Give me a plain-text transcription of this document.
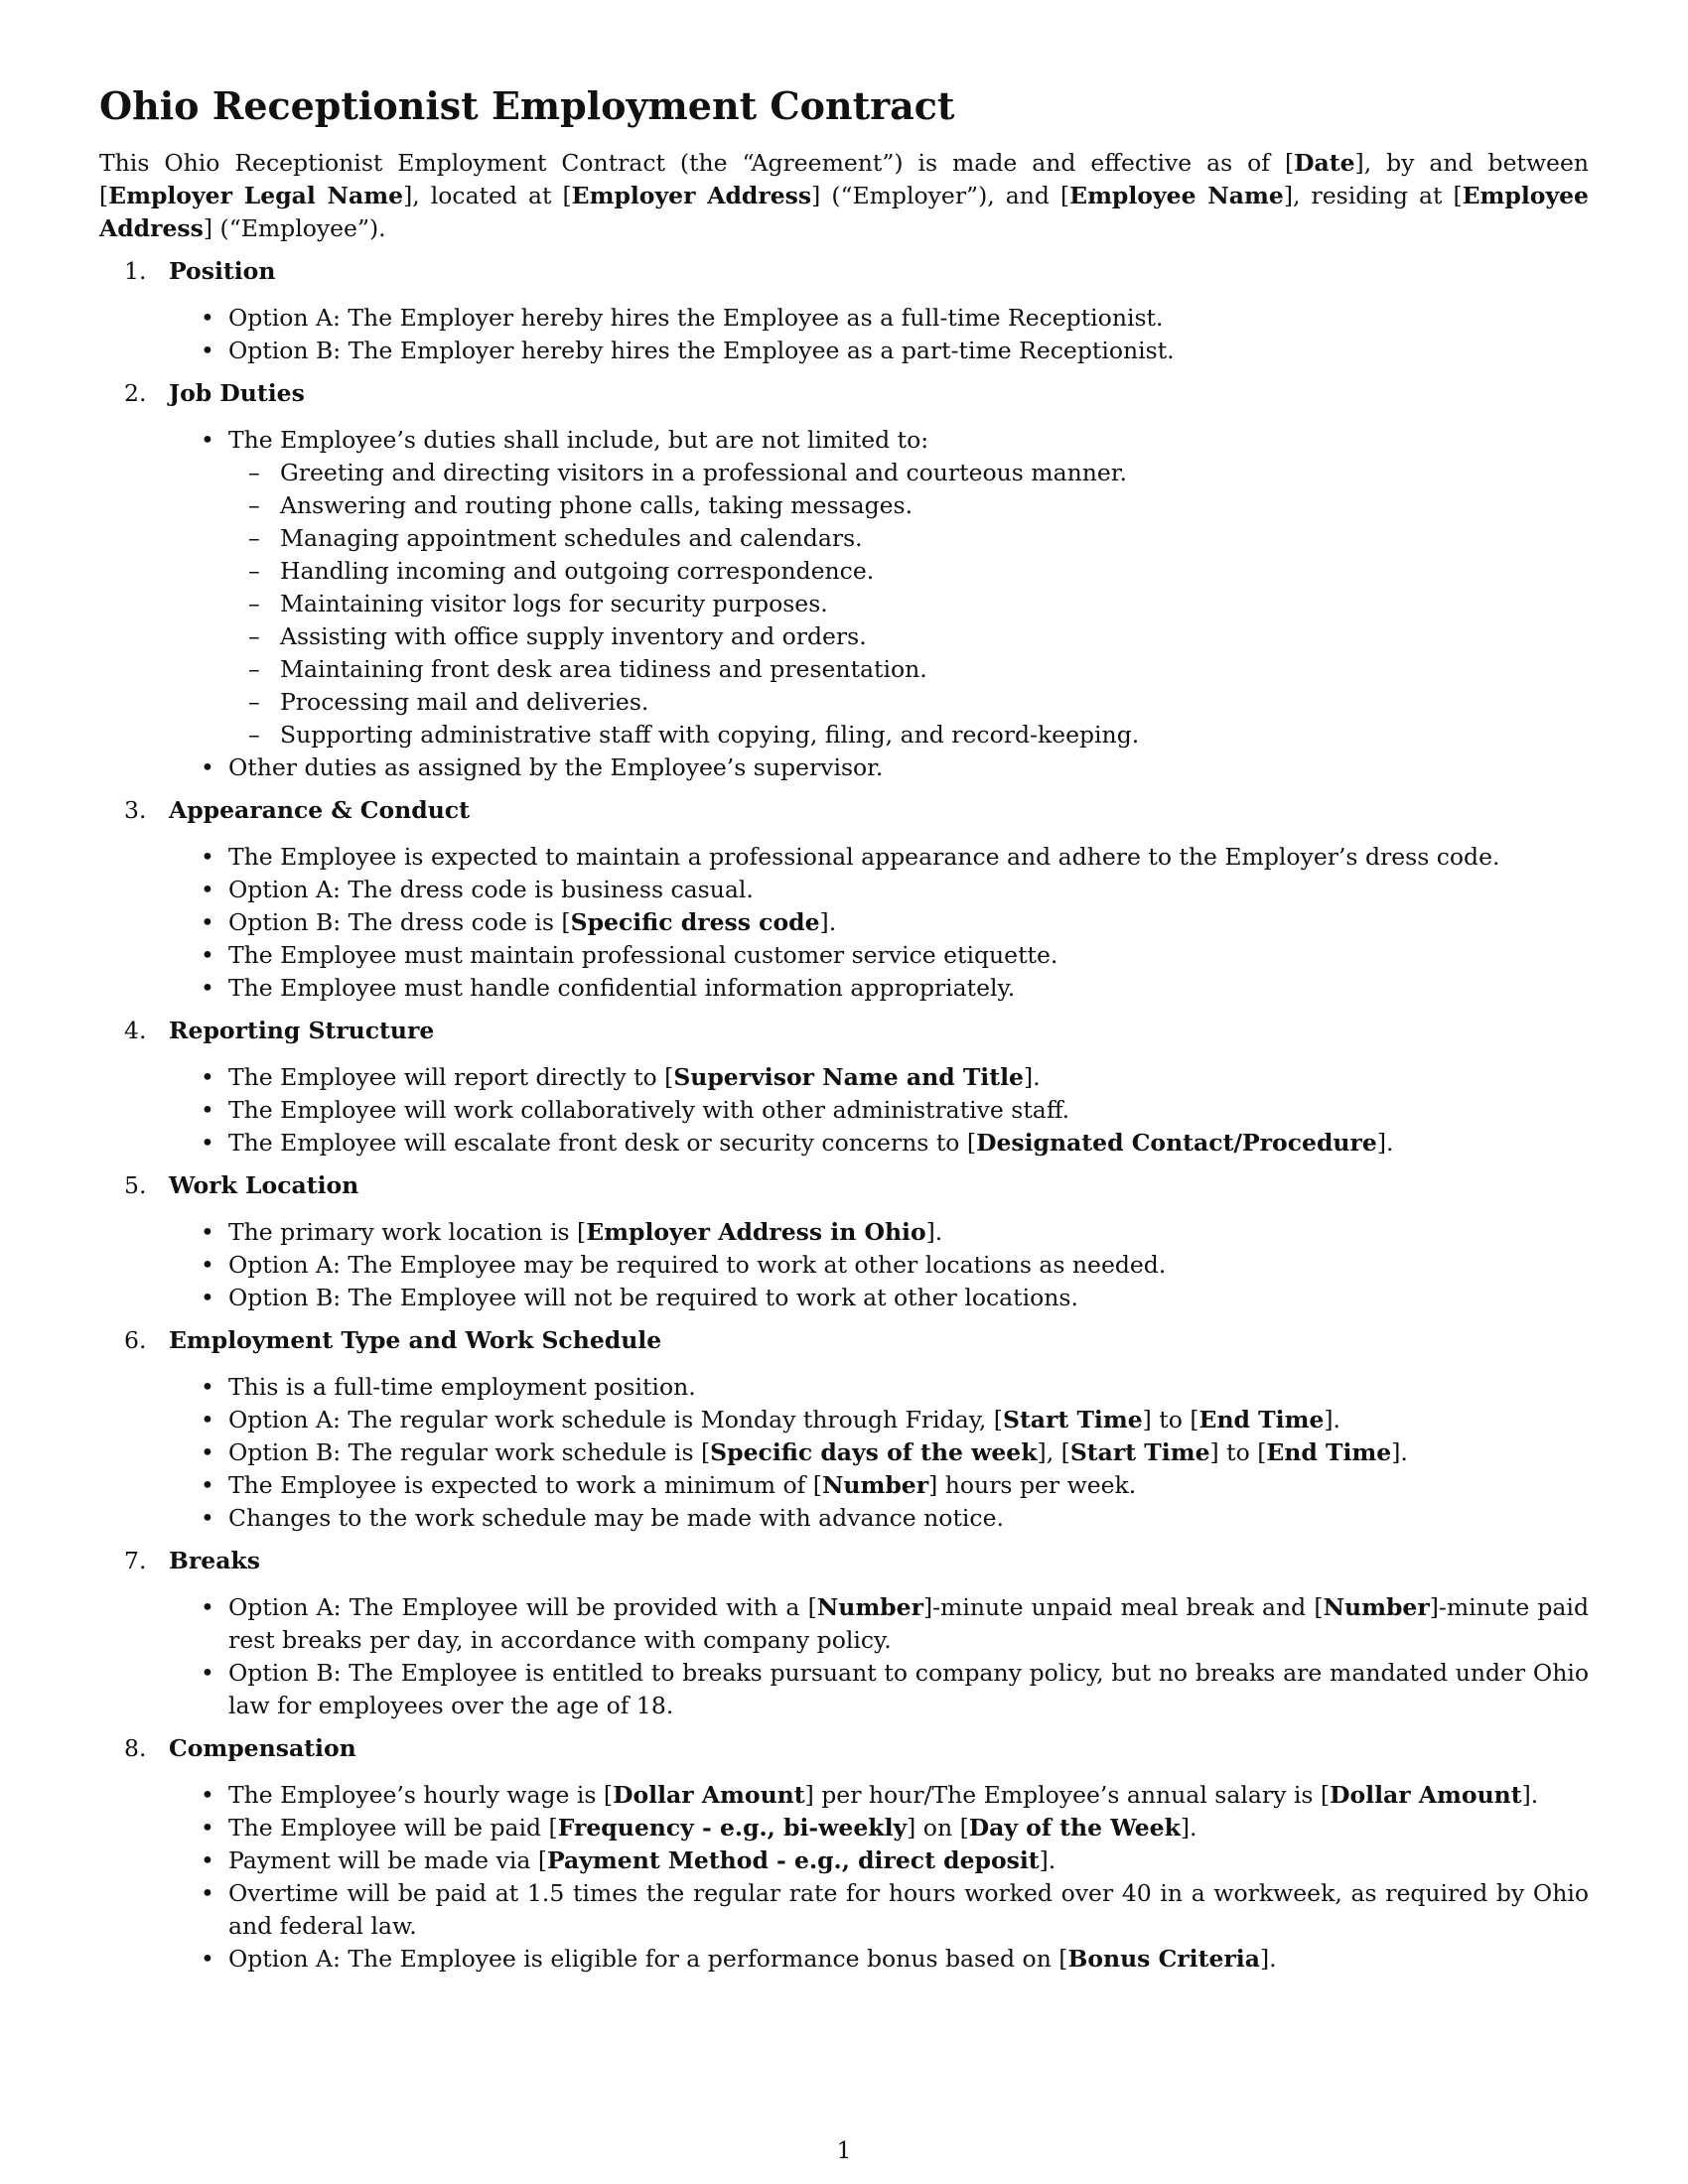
Ohio Receptionist Employment Contract

This Ohio Receptionist Employment Contract (the “Agreement”) is made and effective as of [Date], by and between [Employer Legal Name], located at [Employer Address] (“Employer”), and [Employee Name], residing at [Employee Address] (“Employee”).

1. Position
• Option A: The Employer hereby hires the Employee as a full-time Receptionist.
• Option B: The Employer hereby hires the Employee as a part-time Receptionist.
2. Job Duties
• The Employee’s duties shall include, but are not limited to:
– Greeting and directing visitors in a professional and courteous manner.
– Answering and routing phone calls, taking messages.
– Managing appointment schedules and calendars.
– Handling incoming and outgoing correspondence.
– Maintaining visitor logs for security purposes.
– Assisting with office supply inventory and orders.
– Maintaining front desk area tidiness and presentation.
– Processing mail and deliveries.
– Supporting administrative staff with copying, filing, and record-keeping.
• Other duties as assigned by the Employee’s supervisor.
3. Appearance & Conduct
• The Employee is expected to maintain a professional appearance and adhere to the Employer’s dress code.
• Option A: The dress code is business casual.
• Option B: The dress code is [Specific dress code].
• The Employee must maintain professional customer service etiquette.
• The Employee must handle confidential information appropriately.
4. Reporting Structure
• The Employee will report directly to [Supervisor Name and Title].
• The Employee will work collaboratively with other administrative staff.
• The Employee will escalate front desk or security concerns to [Designated Contact/Procedure].
5. Work Location
• The primary work location is [Employer Address in Ohio].
• Option A: The Employee may be required to work at other locations as needed.
• Option B: The Employee will not be required to work at other locations.
6. Employment Type and Work Schedule
• This is a full-time employment position.
• Option A: The regular work schedule is Monday through Friday, [Start Time] to [End Time].
• Option B: The regular work schedule is [Specific days of the week], [Start Time] to [End Time].
• The Employee is expected to work a minimum of [Number] hours per week.
• Changes to the work schedule may be made with advance notice.
7. Breaks
• Option A: The Employee will be provided with a [Number]-minute unpaid meal break and [Number]-minute paid rest breaks per day, in accordance with company policy.
• Option B: The Employee is entitled to breaks pursuant to company policy, but no breaks are mandated under Ohio law for employees over the age of 18.
8. Compensation
• The Employee’s hourly wage is [Dollar Amount] per hour/The Employee’s annual salary is [Dollar Amount].
• The Employee will be paid [Frequency - e.g., bi-weekly] on [Day of the Week].
• Payment will be made via [Payment Method - e.g., direct deposit].
• Overtime will be paid at 1.5 times the regular rate for hours worked over 40 in a workweek, as required by Ohio and federal law.
• Option A: The Employee is eligible for a performance bonus based on [Bonus Criteria].
1
